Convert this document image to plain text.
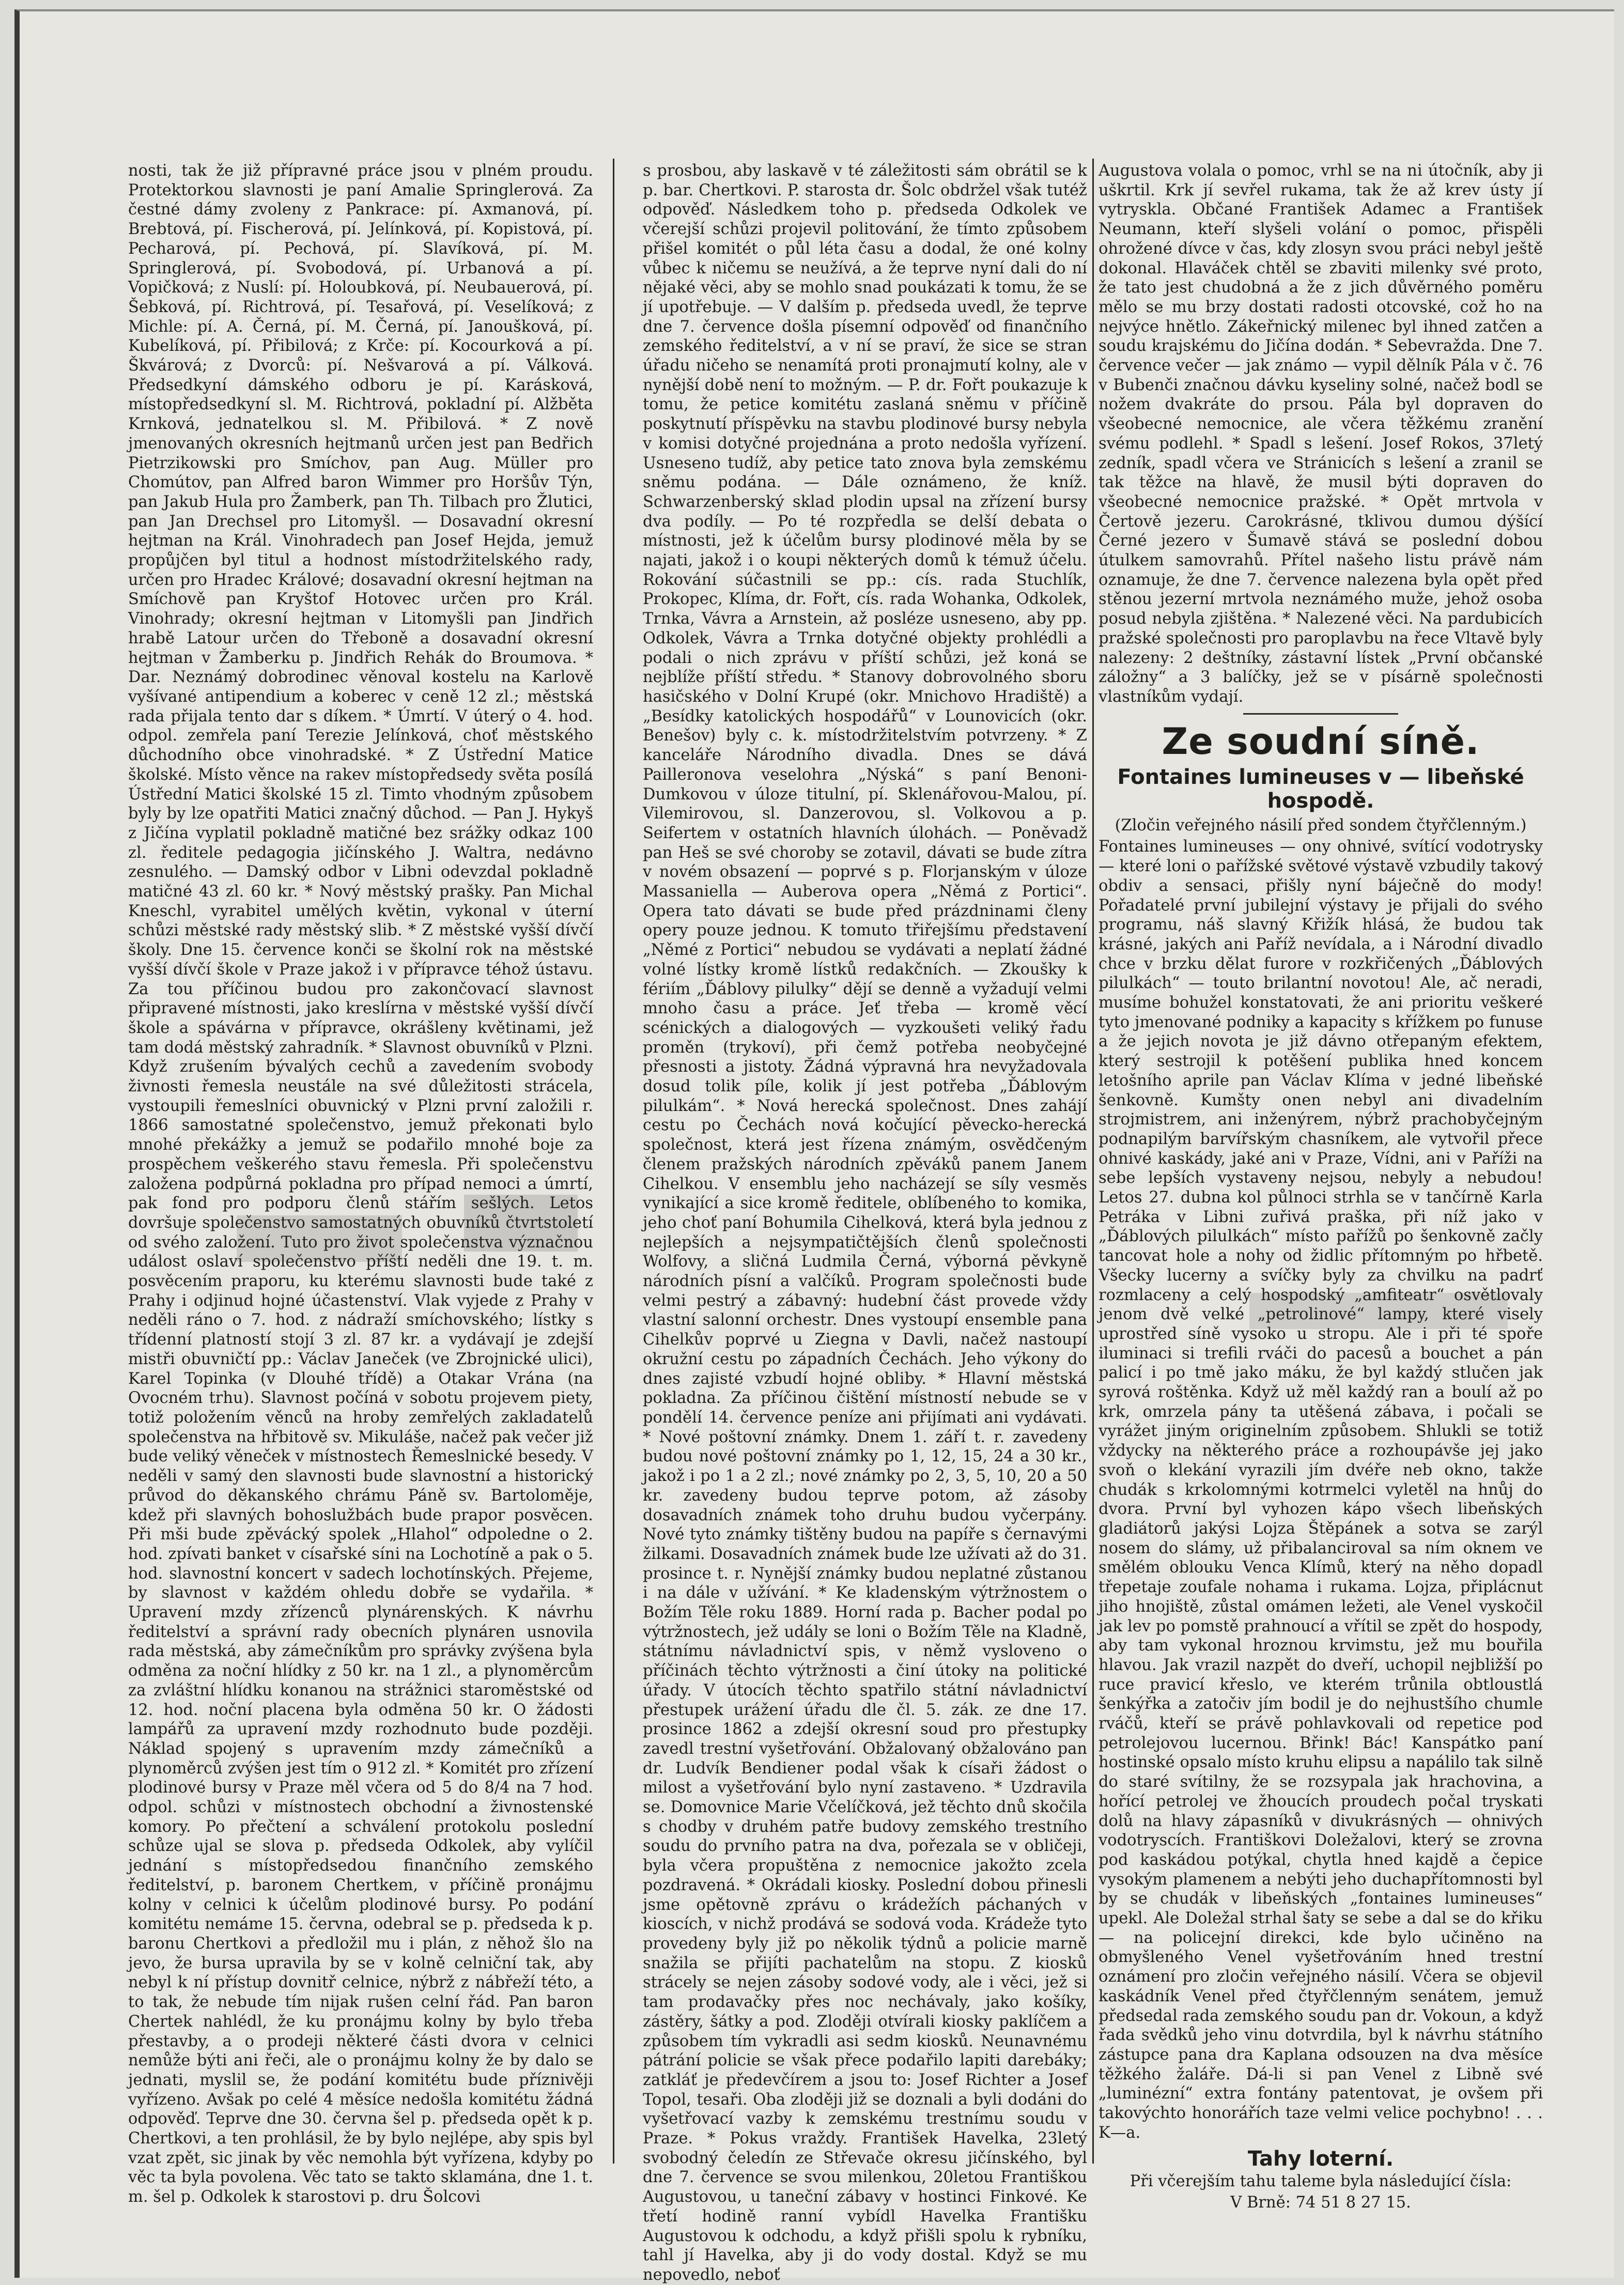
nosti, tak že již přípravné práce jsou v plném proudu. Protektorkou slavnosti je paní Amalie Springlerová. Za čestné dámy zvoleny z Pankrace: pí. Axmanová, pí. Brebtová, pí. Fischerová, pí. Jelínková, pí. Kopistová, pí. Pecharová, pí. Pechová, pí. Slavíková, pí. M. Springlerová, pí. Svobodová, pí. Urbanová a pí. Vopičková; z Nuslí: pí. Holoubková, pí. Neubauerová, pí. Šebková, pí. Richtrová, pí. Tesařová, pí. Veselíková; z Michle: pí. A. Černá, pí. M. Černá, pí. Janoušková, pí. Kubelíková, pí. Přibilová; z Krče: pí. Kocourková a pí. Škvárová; z Dvorců: pí. Nešvarová a pí. Válková. Předsedkyní dámského odboru je pí. Karásková, místopředsedkyní sl. M. Richtrová, pokladní pí. Alžběta Krnková, jednatelkou sl. M. Přibilová. * Z nově jmenovaných okresních hejtmanů určen jest pan Bedřich Pietrzikowski pro Smíchov, pan Aug. Müller pro Chomútov, pan Alfred baron Wimmer pro Horšův Týn, pan Jakub Hula pro Žamberk, pan Th. Tilbach pro Žlutici, pan Jan Drechsel pro Litomyšl. — Dosavadní okresní hejtman na Král. Vinohradech pan Josef Hejda, jemuž propůjčen byl titul a hodnost místodržitelského rady, určen pro Hradec Králové; dosavadní okresní hejtman na Smíchově pan Kryštof Hotovec určen pro Král. Vinohrady; okresní hejtman v Litomyšli pan Jindřich hrabě Latour určen do Třeboně a dosavadní okresní hejtman v Žamberku p. Jindřich Rehák do Broumova. * Dar. Neznámý dobrodinec věnoval kostelu na Karlově vyšívané antipendium a koberec v ceně 12 zl.; městská rada přijala tento dar s díkem. * Úmrtí. V úterý o 4. hod. odpol. zemřela paní Terezie Jelínková, choť městského důchodního obce vinohradské. * Z Ústřední Matice školské. Místo věnce na rakev místopředsedy světa posílá Ústřední Matici školské 15 zl. Timto vhodným způsobem byly by lze opatřiti Matici značný důchod. — Pan J. Hykyš z Jičína vyplatil pokladně matičné bez srážky odkaz 100 zl. ředitele pedagogia jičínského J. Waltra, nedávno zesnulého. — Damský odbor v Libni odevzdal pokladně matičné 43 zl. 60 kr. * Nový městský prašky. Pan Michal Kneschl, vyrabitel umělých květin, vykonal v úterní schůzi městské rady městský slib. * Z městské vyšší dívčí školy. Dne 15. července konči se školní rok na městské vyšší dívčí škole v Praze jakož i v přípravce téhož ústavu. Za tou příčinou budou pro zakončovací slavnost připravené místnosti, jako kreslírna v městské vyšší dívčí škole a spávárna v přípravce, okrášleny květinami, jež tam dodá městský zahradník. * Slavnost obuvníků v Plzni. Když zrušením bývalých cechů a zavedením svobody živnosti řemesla neustále na své důležitosti strácela, vystoupili řemeslníci obuvnický v Plzni první založili r. 1866 samostatné společenstvo, jemuž překonati bylo mnohé překážky a jemuž se podařilo mnohé boje za prospěchem veškerého stavu řemesla. Při společenstvu založena podpůrná pokladna pro případ nemoci a úmrtí, pak fond pro podporu členů stářím sešlých. Letos dovršuje společenstvo samostatných obuvníků čtvrtstoletí od svého založení. Tuto pro život společenstva význačnou událost oslaví společenstvo příští neděli dne 19. t. m. posvěcením praporu, ku kterému slavnosti bude také z Prahy i odjinud hojné účastenství. Vlak vyjede z Prahy v neděli ráno o 7. hod. z nádraží smíchovského; lístky s třídenní platností stojí 3 zl. 87 kr. a vydávají je zdejší mistři obuvničtí pp.: Václav Janeček (ve Zbrojnické ulici), Karel Topinka (v Dlouhé třídě) a Otakar Vrána (na Ovocném trhu). Slavnost počíná v sobotu projevem piety, totiž položením věnců na hroby zemřelých zakladatelů společenstva na hřbitově sv. Mikuláše, načež pak večer již bude veliký věneček v místnostech Řemeslnické besedy. V neděli v samý den slavnosti bude slavnostní a historický průvod do děkanského chrámu Páně sv. Bartoloměje, kdež při slavných bohoslužbách bude prapor posvěcen. Při mši bude zpěvácký spolek „Hlahol“ odpoledne o 2. hod. zpívati banket v císařské síni na Lochotíně a pak o 5. hod. slavnostní koncert v sadech lochotínských. Přejeme, by slavnost v každém ohledu dobře se vydařila. * Upravení mzdy zřízenců plynárenských. K návrhu ředitelství a správní rady obecních plynáren usnovila rada městská, aby zámečníkům pro správky zvýšena byla odměna za noční hlídky z 50 kr. na 1 zl., a plynoměrcům za zvláštní hlídku konanou na strážnici staroměstské od 12. hod. noční placena byla odměna 50 kr. O žádosti lampářů za upravení mzdy rozhodnuto bude později. Náklad spojený s upravením mzdy zámečníků a plynoměrců zvýšen jest tím o 912 zl. * Komitét pro zřízení plodinové bursy v Praze měl včera od 5 do 8/4 na 7 hod. odpol. schůzi v místnostech obchodní a živnostenské komory. Po přečtení a schválení protokolu poslední schůze ujal se slova p. předseda Odkolek, aby vylíčil jednání s místopředsedou finančního zemského ředitelství, p. baronem Chertkem, v příčině pronájmu kolny v celnici k účelům plodinové bursy. Po podání komitétu nemáme 15. června, odebral se p. předseda k p. baronu Chertkovi a předložil mu i plán, z něhož šlo na jevo, že bursa upravila by se v kolně celniční tak, aby nebyl k ní přístup dovnitř celnice, nýbrž z nábřeží této, a to tak, že nebude tím nijak rušen celní řád. Pan baron Chertek nahlédl, že ku pronájmu kolny by bylo třeba přestavby, a o prodeji některé části dvora v celnici nemůže býti ani řeči, ale o pronájmu kolny že by dalo se jednati, myslil se, že podání komitétu bude příznivěji vyřízeno. Avšak po celé 4 měsíce nedošla komitétu žádná odpověď. Teprve dne 30. června šel p. předseda opět k p. Chertkovi, a ten prohlásil, že by bylo nejlépe, aby spis byl vzat zpět, sic jinak by věc nemohla být vyřízena, kdyby po věc ta byla povolena. Věc tato se takto sklamána, dne 1. t. m. šel p. Odkolek k starostovi p. dru Šolcovi
s prosbou, aby laskavě v té záležitosti sám obrátil se k p. bar. Chertkovi. P. starosta dr. Šolc obdržel však tutéž odpověď. Následkem toho p. předseda Odkolek ve včerejší schůzi projevil politování, že tímto způsobem přišel komitét o půl léta času a dodal, že oné kolny vůbec k ničemu se neužívá, a že teprve nyní dali do ní nějaké věci, aby se mohlo snad poukázati k tomu, že se jí upotřebuje. — V dalším p. předseda uvedl, že teprve dne 7. července došla písemní odpověď od finančního zemského ředitelství, a v ní se praví, že sice se stran úřadu ničeho se nenamítá proti pronajmutí kolny, ale v nynější době není to možným. — P. dr. Fořt poukazuje k tomu, že petice komitétu zaslaná sněmu v příčině poskytnutí příspěvku na stavbu plodinové bursy nebyla v komisi dotyčné projednána a proto nedošla vyřízení. Usneseno tudíž, aby petice tato znova byla zemskému sněmu podána. — Dále oznámeno, že kníž. Schwarzenberský sklad plodin upsal na zřízení bursy dva podíly. — Po té rozpředla se delší debata o místnosti, jež k účelům bursy plodinové měla by se najati, jakož i o koupi některých domů k témuž účelu. Rokování súčastnili se pp.: cís. rada Stuchlík, Prokopec, Klíma, dr. Fořt, cís. rada Wohanka, Odkolek, Trnka, Vávra a Arnstein, až posléze usneseno, aby pp. Odkolek, Vávra a Trnka dotyčné objekty prohlédli a podali o nich zprávu v příští schůzi, jež koná se nejblíže příští středu. * Stanovy dobrovolného sboru hasičského v Dolní Krupé (okr. Mnichovo Hradiště) a „Besídky katolických hospodářů“ v Lounovicích (okr. Benešov) byly c. k. místodržitelstvím potvrzeny. * Z kanceláře Národního divadla. Dnes se dává Pailleronova veselohra „Nýská“ s paní Benoni-Dumkovou v úloze titulní, pí. Sklenářovou-Malou, pí. Vilemirovou, sl. Danzerovou, sl. Volkovou a p. Seifertem v ostatních hlavních úlohách. — Poněvadž pan Heš se své choroby se zotavil, dávati se bude zítra v novém obsazení — poprvé s p. Florjanským v úloze Massaniella — Auberova opera „Němá z Portici“. Opera tato dávati se bude před prázdninami členy opery pouze jednou. K tomuto třiřejšímu představení „Němé z Portici“ nebudou se vydávati a neplatí žádné volné lístky kromě lístků redakčních. — Zkoušky k fériím „Ďáblovy pilulky“ dějí se denně a vyžadují velmi mnoho času a práce. Jeť třeba — kromě věcí scénických a dialogových — vyzkoušeti veliký řadu proměn (trykoví), při čemž potřeba neobyčejné přesnosti a jistoty. Žádná výpravná hra nevyžadovala dosud tolik píle, kolik jí jest potřeba „Ďáblovým pilulkám“. * Nová herecká společnost. Dnes zahájí cestu po Čechách nová kočující pěvecko-herecká společnost, která jest řízena známým, osvědčeným členem pražských národních zpěváků panem Janem Cihelkou. V ensemblu jeho nacházejí se síly vesměs vynikající a sice kromě ředitele, oblíbeného to komika, jeho choť paní Bohumila Cihelková, která byla jednou z nejlepších a nejsympatičtějších členů společnosti Wolfovy, a sličná Ludmila Černá, výborná pěvkyně národních písní a valčíků. Program společnosti bude velmi pestrý a zábavný: hudební část provede vždy vlastní salonní orchestr. Dnes vystoupí ensemble pana Cihelkův poprvé u Ziegna v Davli, načež nastoupí okružní cestu po západních Čechách. Jeho výkony do dnes zajisté vzbudí hojné obliby. * Hlavní městská pokladna. Za příčinou čištění místností nebude se v pondělí 14. července peníze ani přijímati ani vydávati. * Nové poštovní známky. Dnem 1. září t. r. zavedeny budou nové poštovní známky po 1, 12, 15, 24 a 30 kr., jakož i po 1 a 2 zl.; nové známky po 2, 3, 5, 10, 20 a 50 kr. zavedeny budou teprve potom, až zásoby dosavadních známek toho druhu budou vyčerpány. Nové tyto známky tištěny budou na papíře s černavými žilkami. Dosavadních známek bude lze užívati až do 31. prosince t. r. Nynější známky budou neplatné zůstanou i na dále v užívání. * Ke kladenským výtržnostem o Božím Těle roku 1889. Horní rada p. Bacher podal po výtržnostech, jež udály se loni o Božím Těle na Kladně, státnímu návladnictví spis, v němž vysloveno o příčinách těchto výtržnosti a činí útoky na politické úřady. V útocích těchto spatřilo státní návladnictví přestupek urážení úřadu dle čl. 5. zák. ze dne 17. prosince 1862 a zdejší okresní soud pro přestupky zavedl trestní vyšetřování. Obžalovaný obžalováno pan dr. Ludvík Bendiener podal však k císaři žádost o milost a vyšetřování bylo nyní zastaveno. * Uzdravila se. Domovnice Marie Včelíčková, jež těchto dnů skočila s chodby v druhém patře budovy zemského trestního soudu do prvního patra na dva, pořezala se v obličeji, byla včera propuštěna z nemocnice jakožto zcela pozdravená. * Okrádali kiosky. Poslední dobou přinesli jsme opětovně zprávu o krádežích páchaných v kioscích, v nichž prodává se sodová voda. Krádeže tyto provedeny byly již po několik týdnů a policie marně snažila se přijíti pachatelům na stopu. Z kiosků strácely se nejen zásoby sodové vody, ale i věci, jež si tam prodavačky přes noc nechávaly, jako košíky, zástěry, šátky a pod. Zloději otvírali kiosky paklíčem a způsobem tím vykradli asi sedm kiosků. Neunavnému pátrání policie se však přece podařilo lapiti darebáky; zatkláť je předevčírem a jsou to: Josef Richter a Josef Topol, tesaři. Oba zloději již se doznali a byli dodáni do vyšetřovací vazby k zemskému trestnímu soudu v Praze. * Pokus vraždy. František Havelka, 23letý svobodný čeledín ze Střevače okresu jičínského, byl dne 7. července se svou milenkou, 20letou Františkou Augustovou, u taneční zábavy v hostinci Finkové. Ke třetí hodině ranní vybídl Havelka Františku Augustovou k odchodu, a když přišli spolu k rybníku, tahl jí Havelka, aby ji do vody dostal. Když se mu nepovedlo, neboť
Augustova volala o pomoc, vrhl se na ni útočník, aby ji uškrtil. Krk jí sevřel rukama, tak že až krev ústy jí vytryskla. Občané František Adamec a František Neumann, kteří slyšeli volání o pomoc, přispěli ohrožené dívce v čas, kdy zlosyn svou práci nebyl ještě dokonal. Hlaváček chtěl se zbaviti milenky své proto, že tato jest chudobná a že z jich důvěrného poměru mělo se mu brzy dostati radosti otcovské, což ho na nejvýce hnětlo. Zákeřnický milenec byl ihned zatčen a soudu krajskému do Jičína dodán. * Sebevražda. Dne 7. července večer — jak známo — vypil dělník Pála v č. 76 v Bubenči značnou dávku kyseliny solné, načež bodl se nožem dvakráte do prsou. Pála byl dopraven do všeobecné nemocnice, ale včera těžkému zranění svému podlehl. * Spadl s lešení. Josef Rokos, 37letý zedník, spadl včera ve Stránicích s lešení a zranil se tak těžce na hlavě, že musil býti dopraven do všeobecné nemocnice pražské. * Opět mrtvola v Čertově jezeru. Carokrásné, tklivou dumou dýšící Černé jezero v Šumavě stává se poslední dobou útulkem samovrahů. Přítel našeho listu právě nám oznamuje, že dne 7. července nalezena byla opět před stěnou jezerní mrtvola neznámého muže, jehož osoba posud nebyla zjištěna. * Nalezené věci. Na pardubicích pražské společnosti pro paroplavbu na řece Vltavě byly nalezeny: 2 deštníky, zástavní lístek „První občanské záložny“ a 3 balíčky, jež se v písárně společnosti vlastníkům vydají.
Ze soudní síně.
Fontaines lumineuses v — libeňské hospodě.
(Zločin veřejného násilí před sondem čtyřčlenným.)
Fontaines lumineuses — ony ohnivé, svítící vodotrysky — které loni o pařížské světové výstavě vzbudily takový obdiv a sensaci, přišly nyní báječně do mody! Pořadatelé první jubilejní výstavy je přijali do svého programu, náš slavný Křižík hlásá, že budou tak krásné, jakých ani Paříž nevídala, a i Národní divadlo chce v brzku dělat furore v rozkřičených „Ďáblových pilulkách“ — touto brilantní novotou! Ale, ač neradi, musíme bohužel konstatovati, že ani prioritu veškeré tyto jmenované podniky a kapacity s křížkem po funuse a že jejich novota je již dávno otřepaným efektem, který sestrojil k potěšení publika hned koncem letošního aprile pan Václav Klíma v jedné libeňské šenkovně. Kumšty onen nebyl ani divadelním strojmistrem, ani inženýrem, nýbrž prachobyčejným podnapilým barvířským chasníkem, ale vytvořil přece ohnivé kaskády, jaké ani v Praze, Vídni, ani v Paříži na sebe lepších vystaveny nejsou, nebyly a nebudou! Letos 27. dubna kol půlnoci strhla se v tančírně Karla Petráka v Libni zuřivá praška, při níž jako v „Ďáblových pilulkách“ místo pařížů po šenkovně začly tancovat hole a nohy od židlic přítomným po hřbetě. Všecky lucerny a svíčky byly za chvilku na padrť rozmlaceny a celý hospodský „amfiteatr“ osvětlovaly jenom dvě velké „petrolinové“ lampy, které visely uprostřed síně vysoko u stropu. Ale i při té spoře iluminaci si trefili rváči do pacesů a bouchet a pán palicí i po tmě jako máku, že byl každý stlučen jak syrová roštěnka. Když už měl každý ran a boulí až po krk, omrzela pány ta utěšená zábava, i počali se vyrážet jiným originelním způsobem. Shlukli se totiž vždycky na některého práce a rozhoupávše jej jako svoň o klekání vyrazili jím dvéře neb okno, takže chudák s krkolomnými kotrmelci vyletěl na hnůj do dvora. První byl vyhozen kápo všech libeňských gladiátorů jakýsi Lojza Štěpánek a sotva se zarýl nosem do slámy, už přibalanciroval sa ním oknem ve smělém oblouku Venca Klímů, který na něho dopadl třepetaje zoufale nohama i rukama. Lojza, připlácnut jiho hnojiště, zůstal omámen ležeti, ale Venel vyskočil jak lev po pomstě prahnoucí a vřítil se zpět do hospody, aby tam vykonal hroznou krvimstu, jež mu bouřila hlavou. Jak vrazil nazpět do dveří, uchopil nejbližší po ruce pravicí křeslo, ve kterém trůnila obtloustlá šenkýřka a zatočiv jím bodil je do nejhustšího chumle rváčů, kteří se právě pohlavkovali od repetice pod petrolejovou lucernou. Břink! Bác! Kanspátko paní hostinské opsalo místo kruhu elipsu a napálilo tak silně do staré svítilny, že se rozsypala jak hrachovina, a hořící petrolej ve žhoucích proudech počal tryskati dolů na hlavy zápasníků v divukrásných — ohnivých vodotryscích. Františkovi Doležalovi, který se zrovna pod kaskádou potýkal, chytla hned kajdě a čepice vysokým plamenem a nebýti jeho duchapřítomnosti byl by se chudák v libeňských „fontaines lumineuses“ upekl. Ale Doležal strhal šaty se sebe a dal se do křiku — na policejní direkci, kde bylo učiněno na obmyšleného Venel vyšetřováním hned trestní oznámení pro zločin veřejného násilí. Včera se objevil kaskádník Venel před čtyřčlenným senátem, jemuž předsedal rada zemského soudu pan dr. Vokoun, a když řada svědků jeho vinu dotvrdila, byl k návrhu státního zástupce pana dra Kaplana odsouzen na dva měsíce těžkého žaláře. Dá-li si pan Venel z Libně své „luminézní“ extra fontány patentovat, je ovšem při takovýchto honorářích taze velmi velice pochybno! . . . K—a.
Tahy loterní.
Při včerejším tahu taleme byla následující čísla:
V Brně: 74 51 8 27 15.
